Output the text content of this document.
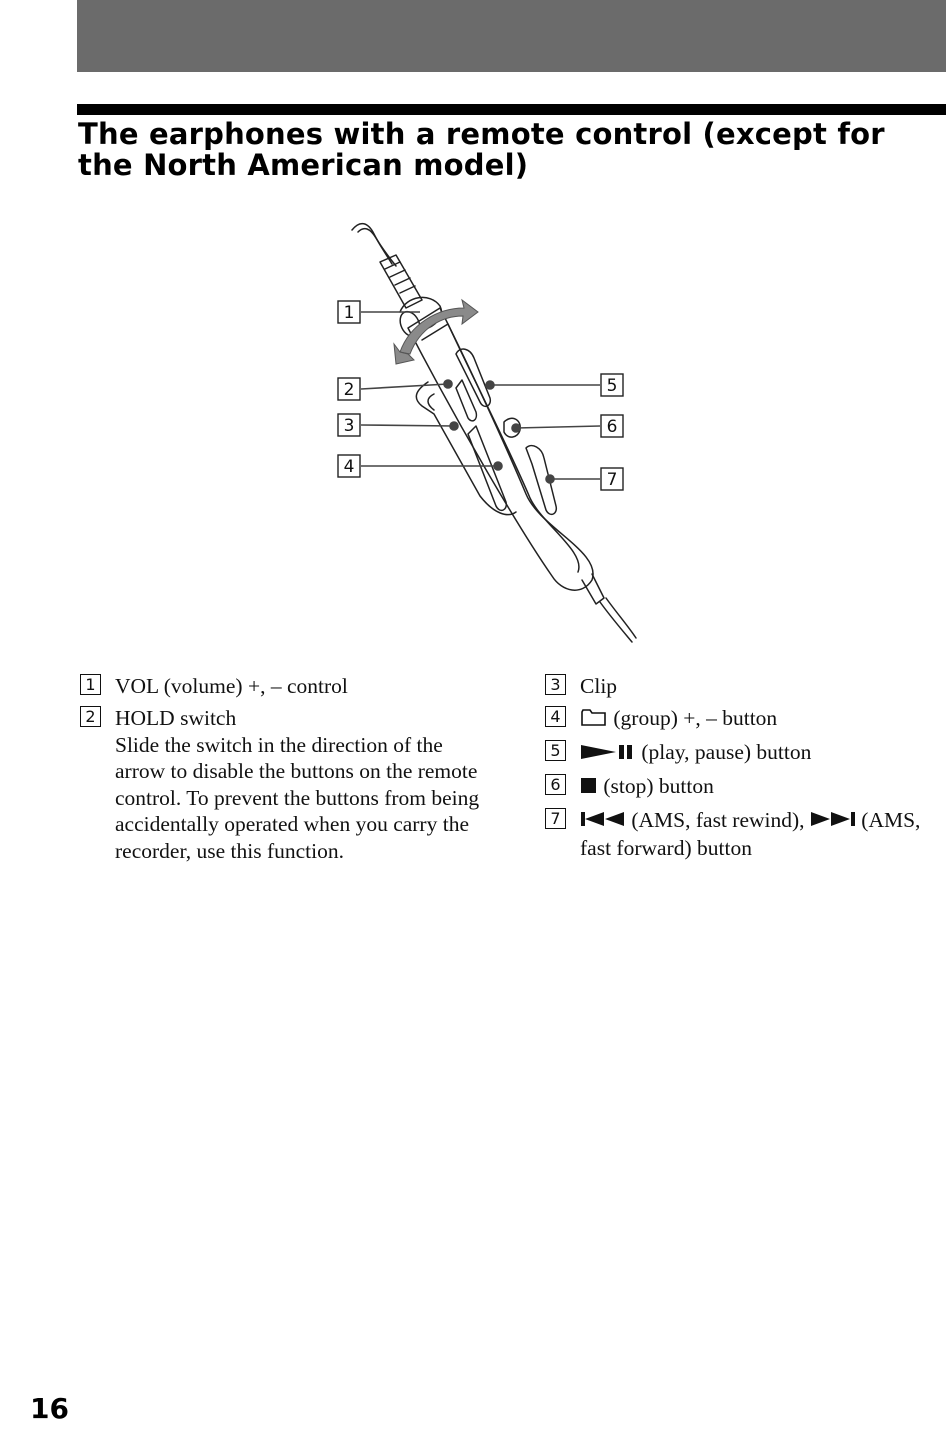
The earphones with a remote control (except for the North American model)
1
2
3
4
5
6
7
1 VOL (volume) +, – control
2 HOLD switch
Slide the switch in the direction of the arrow to disable the buttons on the remote control. To prevent the buttons from being accidentally operated when you carry the recorder, use this function.
3 Clip
4 (group) +, – button
5	(play, pause) button
6 (stop) button
7	(AMS, fast rewind),  (AMS, fast forward) button
16
